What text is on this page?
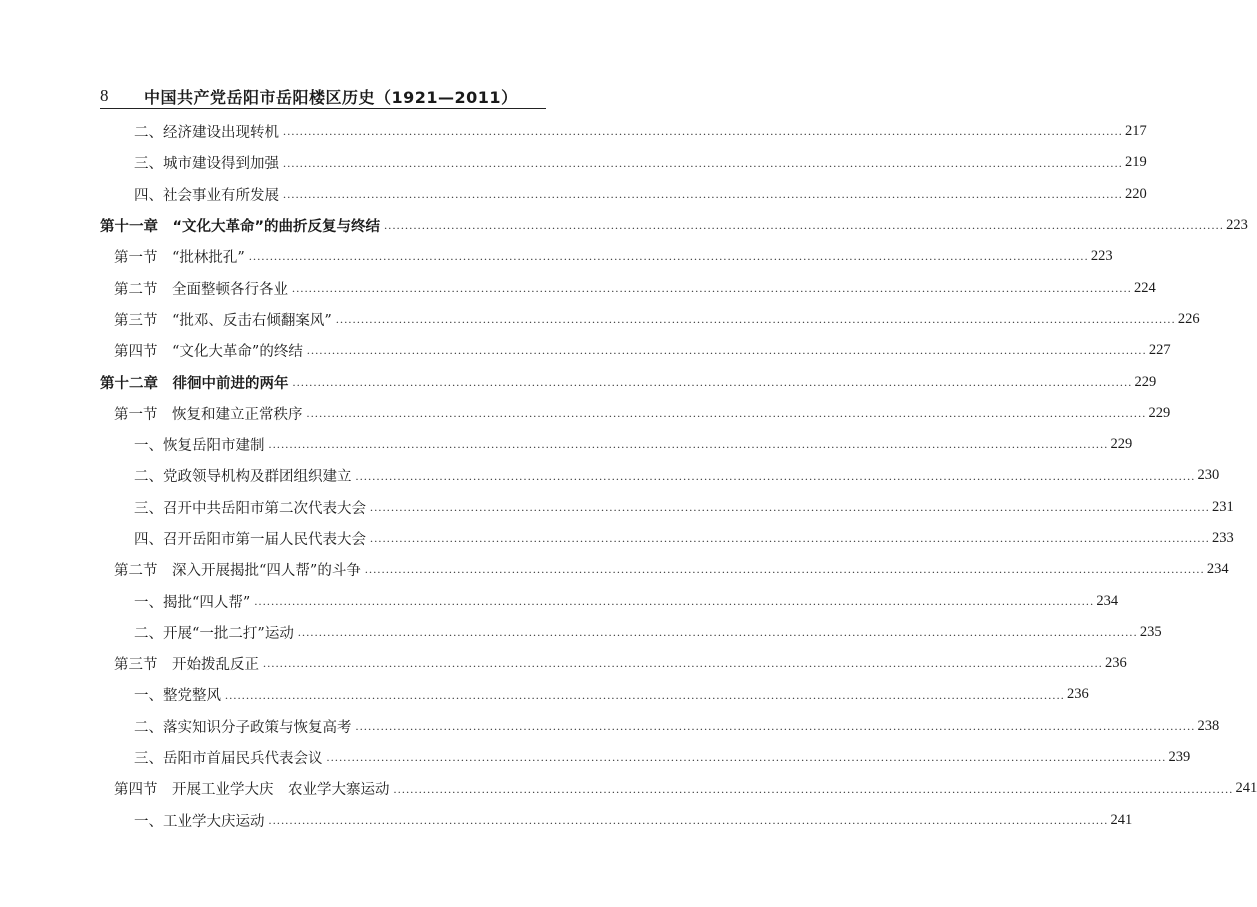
8	中国共产党岳阳市岳阳楼区历史（1921—2011）
二、经济建设出现转机 ........................................................................................................................................................................................................ 217
三、城市建设得到加强 ........................................................................................................................................................................................................ 219
四、社会事业有所发展 ........................................................................................................................................................................................................ 220
第十一章　“文化大革命”的曲折反复与终结 ........................................................................................................................................................................................................ 223
第一节　“批林批孔” ........................................................................................................................................................................................................ 223
第二节　全面整顿各行各业 ........................................................................................................................................................................................................ 224
第三节　“批邓、反击右倾翻案风” ........................................................................................................................................................................................................ 226
第四节　“文化大革命”的终结 ........................................................................................................................................................................................................ 227
第十二章　徘徊中前进的两年 ........................................................................................................................................................................................................ 229
第一节　恢复和建立正常秩序 ........................................................................................................................................................................................................ 229
一、恢复岳阳市建制 ........................................................................................................................................................................................................ 229
二、党政领导机构及群团组织建立 ........................................................................................................................................................................................................ 230
三、召开中共岳阳市第二次代表大会 ........................................................................................................................................................................................................ 231
四、召开岳阳市第一届人民代表大会 ........................................................................................................................................................................................................ 233
第二节　深入开展揭批“四人帮”的斗争 ........................................................................................................................................................................................................ 234
一、揭批“四人帮” ........................................................................................................................................................................................................ 234
二、开展“一批二打”运动 ........................................................................................................................................................................................................ 235
第三节　开始拨乱反正 ........................................................................................................................................................................................................ 236
一、整党整风 ........................................................................................................................................................................................................ 236
二、落实知识分子政策与恢复高考 ........................................................................................................................................................................................................ 238
三、岳阳市首届民兵代表会议 ........................................................................................................................................................................................................ 239
第四节　开展工业学大庆　农业学大寨运动 ........................................................................................................................................................................................................ 241
一、工业学大庆运动 ........................................................................................................................................................................................................ 241
